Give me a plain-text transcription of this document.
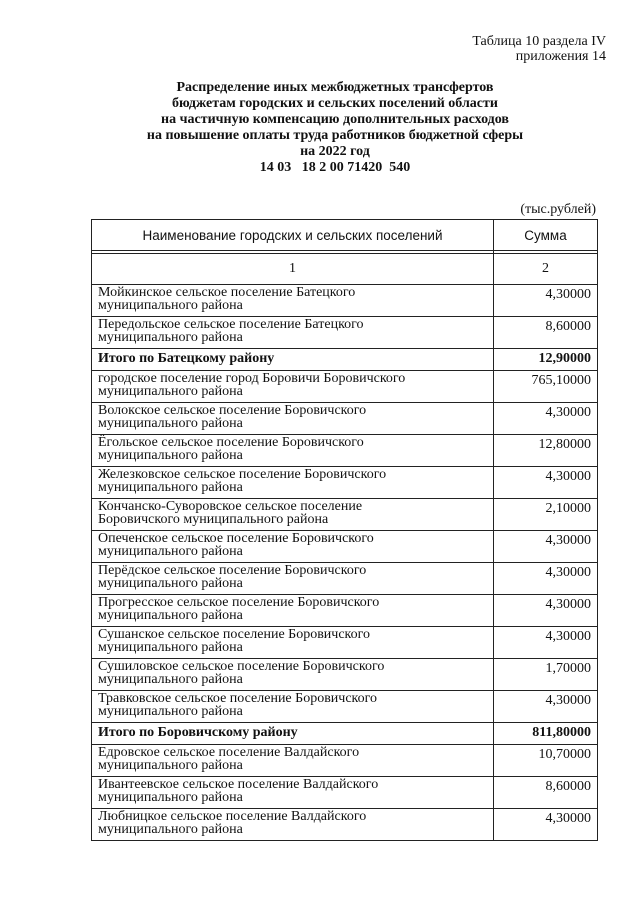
Таблица 10 раздела IV
приложения 14
Распределение иных межбюджетных трансфертов
бюджетам городских и сельских поселений области
на частичную компенсацию дополнительных расходов
на повышение оплаты труда работников бюджетной сферы
на 2022 год
14 03   18 2 00 71420  540
(тыс.рублей)
Наименование городских и сельских поселений	Сумма

1	2

Мойкинское сельское поселение Батецкого
муниципального района	4,30000

Передольское сельское поселение Батецкого
муниципального района	8,60000
Итого по Батецкому району	12,90000

городское поселение город Боровичи Боровичского
муниципального района	765,10000

Волокское сельское поселение Боровичского
муниципального района	4,30000

Ёгольское сельское поселение Боровичского
муниципального района	12,80000

Железковское сельское поселение Боровичского
муниципального района	4,30000

Кончанско-Суворовское сельское поселение
Боровичского муниципального района	2,10000

Опеченское сельское поселение Боровичского
муниципального района	4,30000

Перёдское сельское поселение Боровичского
муниципального района	4,30000

Прогресское сельское поселение Боровичского
муниципального района	4,30000

Сушанское сельское поселение Боровичского
муниципального района	4,30000

Сушиловское сельское поселение Боровичского
муниципального района	1,70000

Травковское сельское поселение Боровичского
муниципального района	4,30000
Итого по Боровичскому району	811,80000

Едровское сельское поселение Валдайского
муниципального района	10,70000

Ивантеевское сельское поселение Валдайского
муниципального района	8,60000

Любницкое сельское поселение Валдайского
муниципального района	4,30000
